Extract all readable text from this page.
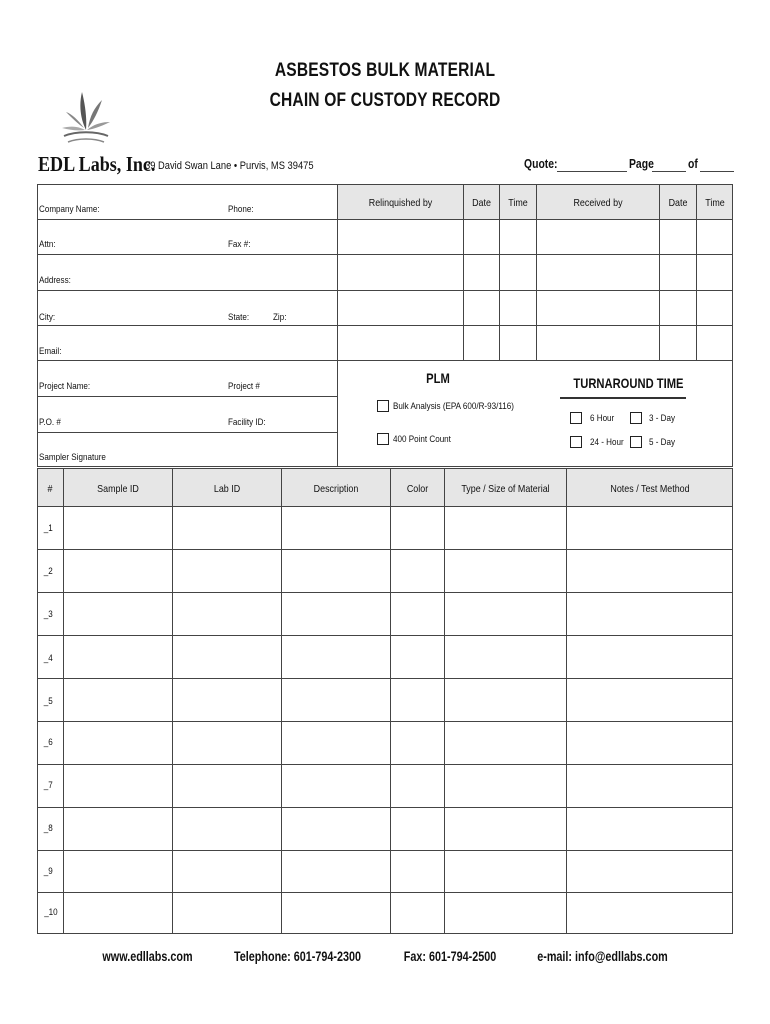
ASBESTOS BULK MATERIAL
CHAIN OF CUSTODY RECORD
EDL Labs, Inc.
39 David Swan Lane • Purvis, MS 39475	Quote:	Page	of
Company Name:	Phone:
Attn:	Fax #:
Address:
City:	State:	Zip:
Email:
Project Name:	Project #
P.O. #	Facility ID:
Sampler Signature
Relinquished by	Date	Time	Received by	Date	Time
PLM
Bulk Analysis (EPA 600/R-93/116)
400 Point Count
TURNAROUND TIME
6 Hour	3 - Day
24 - Hour	5 - Day
#	Sample ID	Lab ID	Description	Color	Type / Size of Material	Notes / Test Method
_1
_2
_3
_4
_5
_6
_7
_8
_9
_10
www.edllabs.com	Telephone: 601-794-2300	Fax: 601-794-2500	e-mail: info@edllabs.com
